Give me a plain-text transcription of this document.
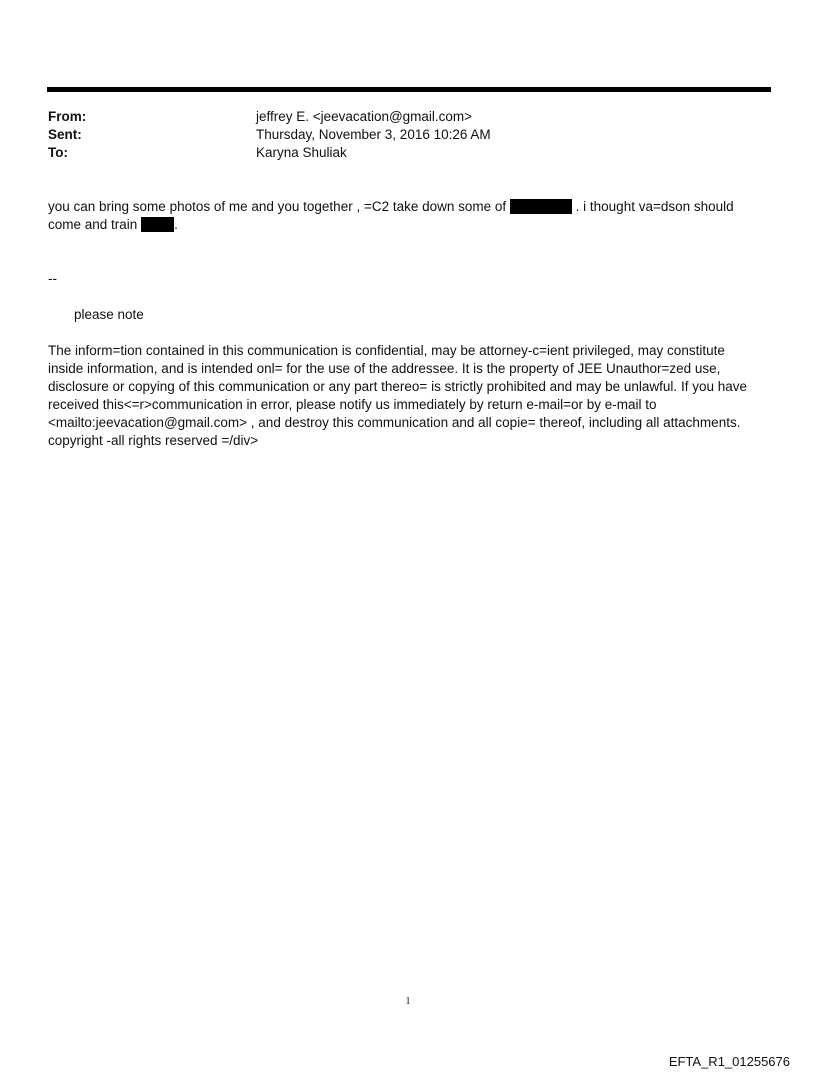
From:	jeffrey E. <jeevacation@gmail.com>
Sent:	Thursday, November 3, 2016 10:26 AM
To:	Karyna Shuliak
you can bring some photos of me and you together , =C2 take down some of	. i thought va=dson should
come and train .
--
please note
The inform=tion contained in this communication is confidential, may be attorney-c=ient privileged, may constitute inside information, and is intended onl= for the use of the addressee. It is the property of JEE Unauthor=zed use, disclosure or copying of this communication or any part thereo= is strictly prohibited and may be unlawful. If you have received this<=r>communication in error, please notify us immediately by return e-mail=or by e-mail to <mailto:jeevacation@gmail.com> , and destroy this communication and all copie= thereof, including all attachments. copyright -all rights reserved =/div>
1
EFTA_R1_01255676
